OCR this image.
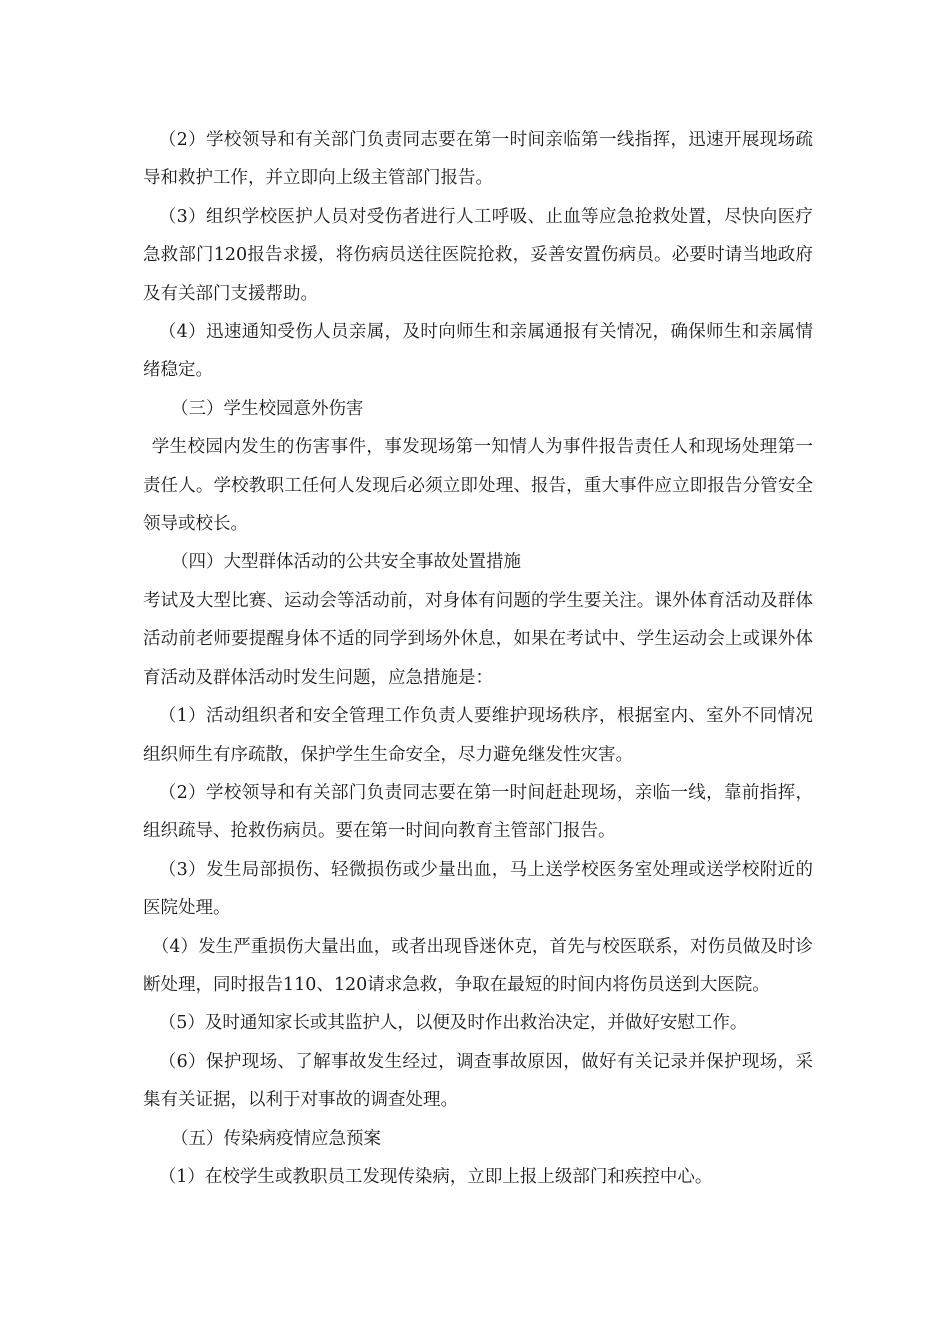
（2）学校领导和有关部门负责同志要在第一时间亲临第一线指挥，迅速开展现场疏导和救护工作，并立即向上级主管部门报告。

（3）组织学校医护人员对受伤者进行人工呼吸、止血等应急抢救处置，尽快向医疗急救部门120报告求援，将伤病员送往医院抢救，妥善安置伤病员。必要时请当地政府及有关部门支援帮助。

（4）迅速通知受伤人员亲属，及时向师生和亲属通报有关情况，确保师生和亲属情绪稳定。

（三）学生校园意外伤害

学生校园内发生的伤害事件，事发现场第一知情人为事件报告责任人和现场处理第一责任人。学校教职工任何人发现后必须立即处理、报告，重大事件应立即报告分管安全领导或校长。

（四）大型群体活动的公共安全事故处置措施

考试及大型比赛、运动会等活动前，对身体有问题的学生要关注。课外体育活动及群体活动前老师要提醒身体不适的同学到场外休息，如果在考试中、学生运动会上或课外体育活动及群体活动时发生问题，应急措施是：

（1）活动组织者和安全管理工作负责人要维护现场秩序，根据室内、室外不同情况组织师生有序疏散，保护学生生命安全，尽力避免继发性灾害。

（2）学校领导和有关部门负责同志要在第一时间赶赴现场，亲临一线，靠前指挥，组织疏导、抢救伤病员。要在第一时间向教育主管部门报告。

（3）发生局部损伤、轻微损伤或少量出血，马上送学校医务室处理或送学校附近的医院处理。

（4）发生严重损伤大量出血，或者出现昏迷休克，首先与校医联系，对伤员做及时诊断处理，同时报告110、120请求急救，争取在最短的时间内将伤员送到大医院。

（5）及时通知家长或其监护人，以便及时作出救治决定，并做好安慰工作。

（6）保护现场、了解事故发生经过，调查事故原因，做好有关记录并保护现场，采集有关证据，以利于对事故的调查处理。

（五）传染病疫情应急预案

（1）在校学生或教职员工发现传染病，立即上报上级部门和疾控中心。
